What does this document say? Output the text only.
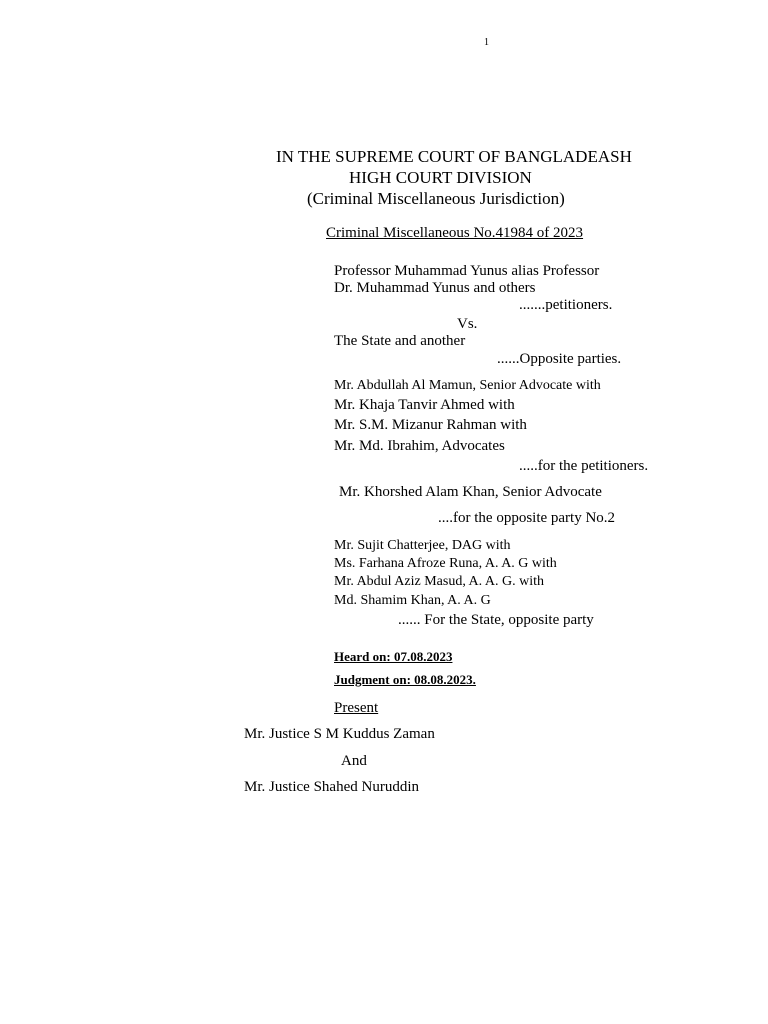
1
IN THE SUPREME COURT OF BANGLADEASH
HIGH COURT DIVISION
(Criminal Miscellaneous Jurisdiction)
Criminal Miscellaneous No.41984 of 2023
Professor Muhammad Yunus alias Professor
Dr. Muhammad Yunus and others
.......petitioners.
Vs.
The State and another
......Opposite parties.
Mr. Abdullah Al Mamun, Senior Advocate with
Mr. Khaja Tanvir Ahmed with
Mr. S.M. Mizanur Rahman with
Mr. Md. Ibrahim, Advocates
.....for the petitioners.
Mr. Khorshed Alam Khan, Senior Advocate
....for the opposite party No.2
Mr. Sujit Chatterjee, DAG with
Ms. Farhana Afroze Runa, A. A. G with
Mr. Abdul Aziz Masud, A. A. G. with
Md. Shamim Khan, A. A. G
...... For the State, opposite party
Heard on: 07.08.2023
Judgment on: 08.08.2023.
Present
Mr. Justice S M Kuddus Zaman
And
Mr. Justice Shahed Nuruddin
